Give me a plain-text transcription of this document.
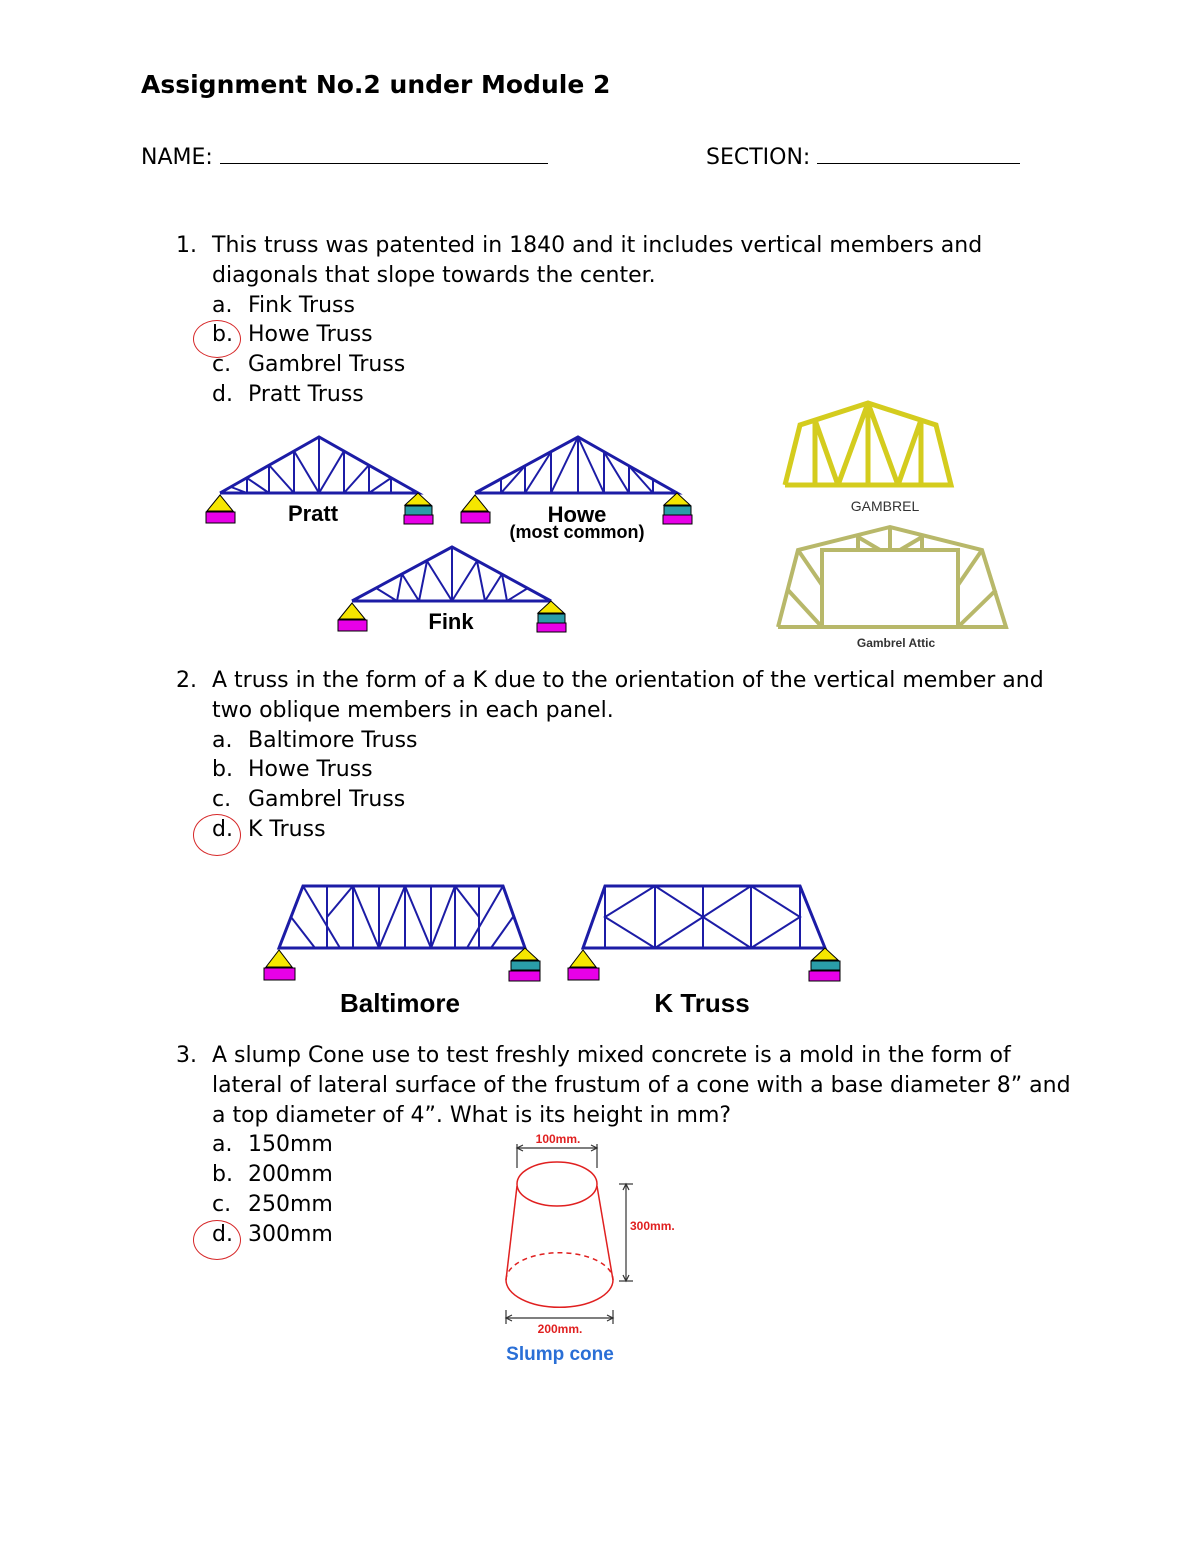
Assignment No.2 under Module 2
NAME:	SECTION:
1. This truss was patented in 1840 and it includes vertical members and diagonals that slope towards the center.
a. Fink Truss
b. Howe Truss
c. Gambrel Truss
d. Pratt Truss
2. A truss in the form of a K due to the orientation of the vertical member and two oblique members in each panel.
a. Baltimore Truss
b. Howe Truss
c. Gambrel Truss
d. K Truss
3. A slump Cone use to test freshly mixed concrete is a mold in the form of lateral of lateral surface of the frustum of a cone with a base diameter 8” and a top diameter of 4”. What is its height in mm?
a. 150mm
b. 200mm
c. 250mm
d. 300mm
Pratt	Howe
(most common)
Fink
GAMBREL
Gambrel Attic
Baltimore	K Truss
100mm.
300mm.
200mm.
Slump cone
